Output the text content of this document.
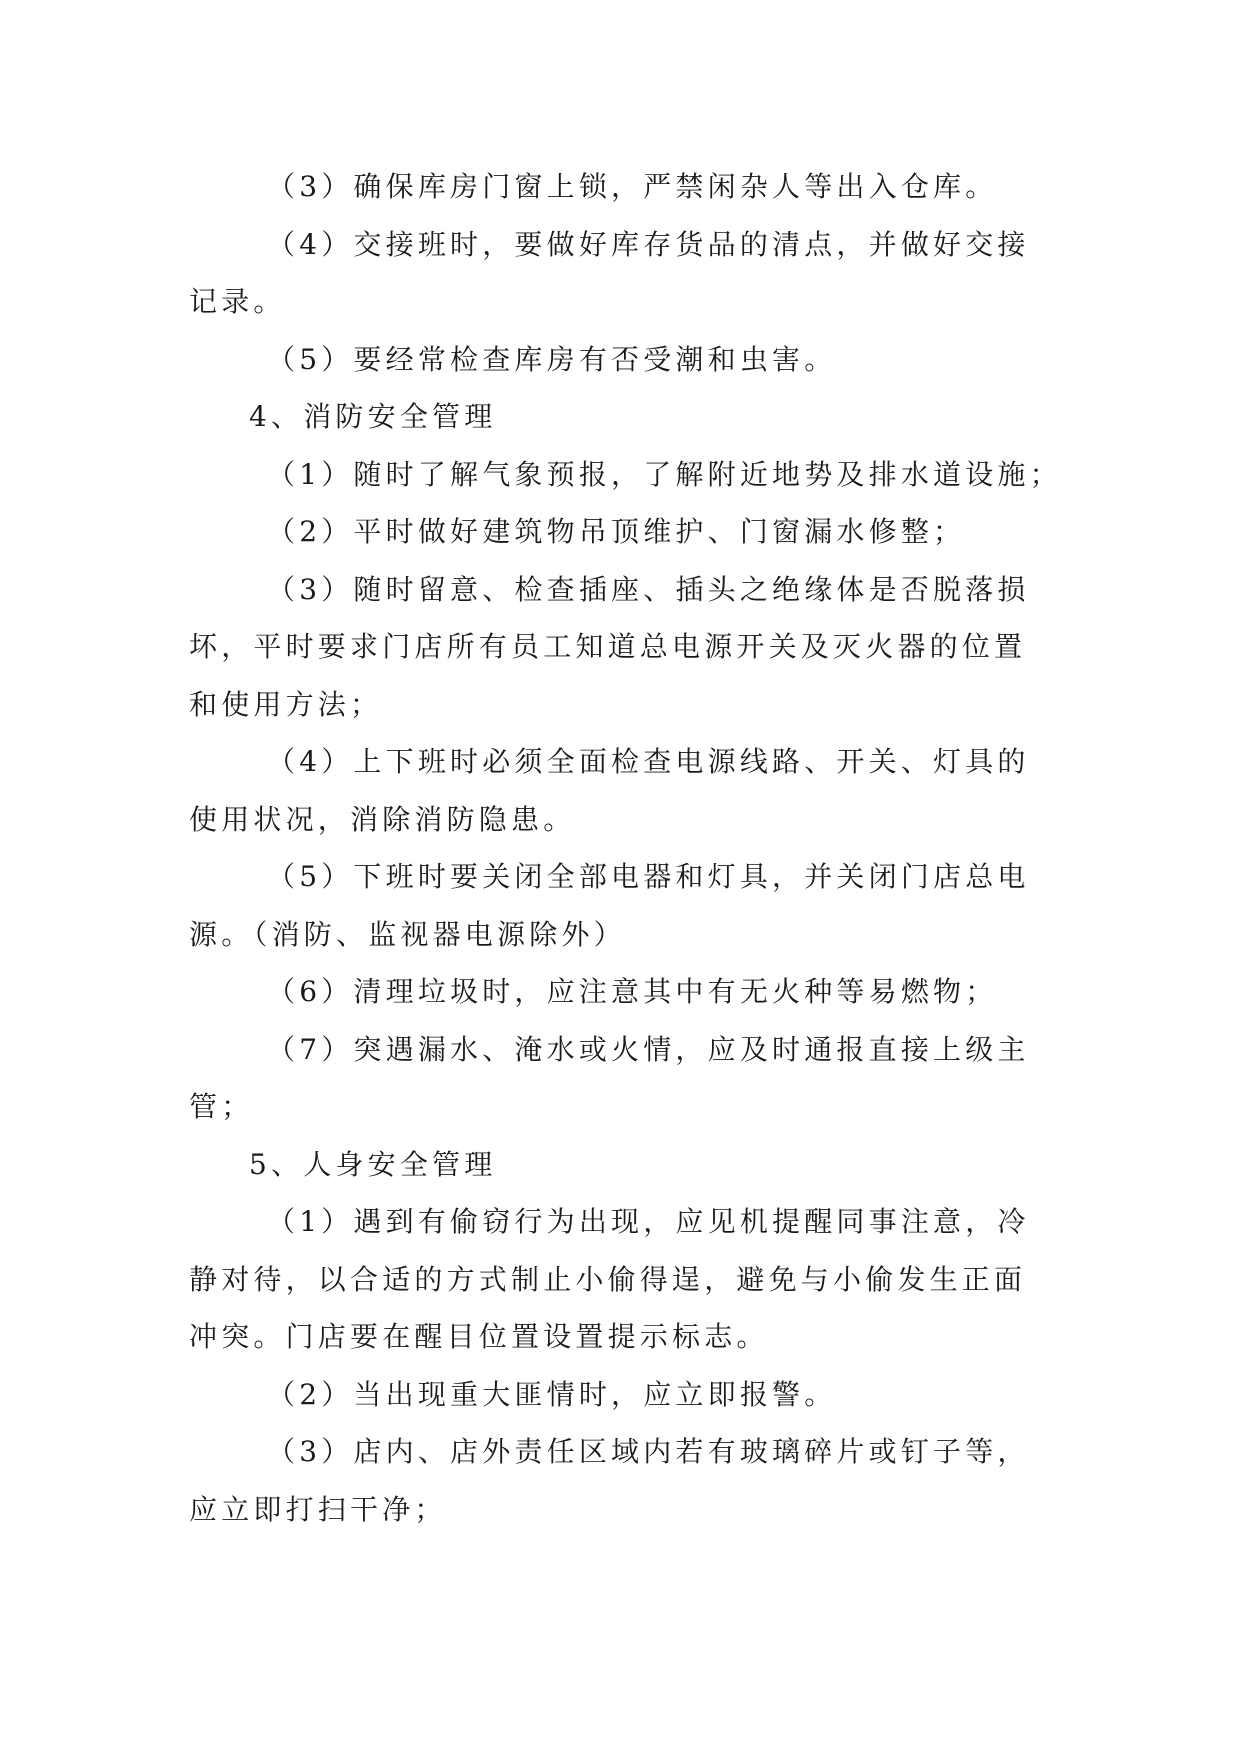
（3）确保库房门窗上锁，严禁闲杂人等出入仓库。

（4）交接班时，要做好库存货品的清点，并做好交接
记录。

（5）要经常检查库房有否受潮和虫害。

4、消防安全管理

（1）随时了解气象预报，了解附近地势及排水道设施；

（2）平时做好建筑物吊顶维护、门窗漏水修整；

（3）随时留意、检查插座、插头之绝缘体是否脱落损
坏，平时要求门店所有员工知道总电源开关及灭火器的位置
和使用方法；

（4）上下班时必须全面检查电源线路、开关、灯具的
使用状况，消除消防隐患。

（5）下班时要关闭全部电器和灯具，并关闭门店总电
源。（消防、监视器电源除外）

（6）清理垃圾时，应注意其中有无火种等易燃物；

（7）突遇漏水、淹水或火情，应及时通报直接上级主
管；

5、人身安全管理

（1）遇到有偷窃行为出现，应见机提醒同事注意，冷
静对待，以合适的方式制止小偷得逞，避免与小偷发生正面
冲突。门店要在醒目位置设置提示标志。

（2）当出现重大匪情时，应立即报警。

（3）店内、店外责任区域内若有玻璃碎片或钉子等，
应立即打扫干净；
